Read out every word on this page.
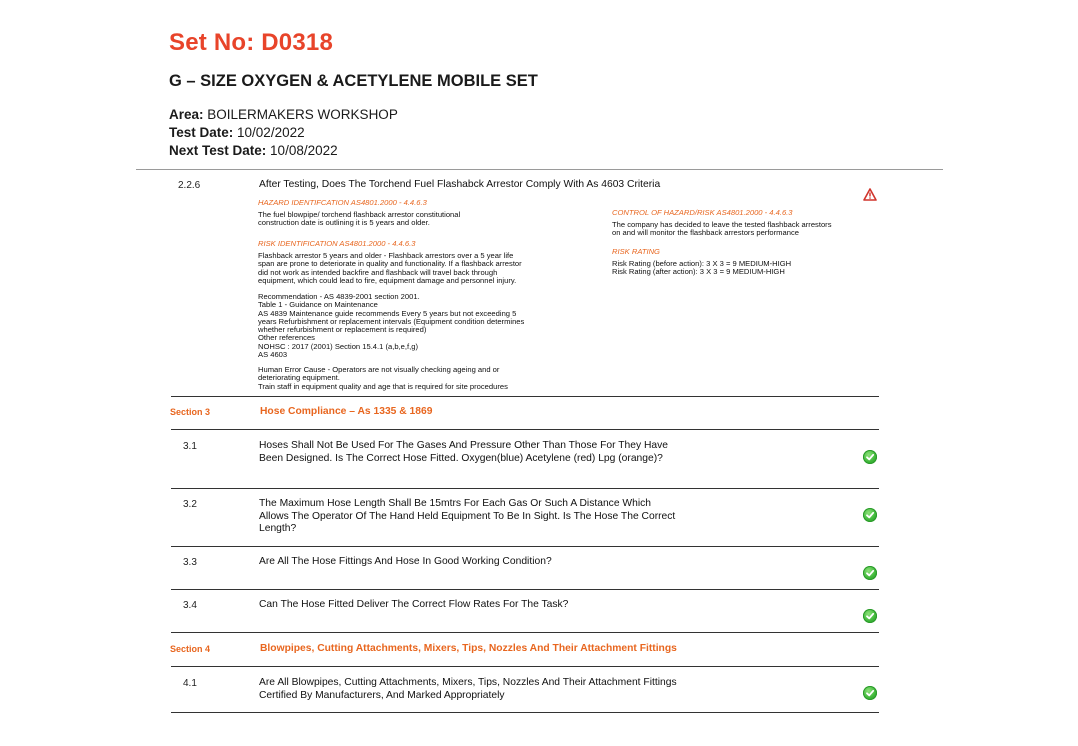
Set No: D0318
G – SIZE OXYGEN & ACETYLENE MOBILE SET
Area: BOILERMAKERS WORKSHOP
Test Date: 10/02/2022
Next Test Date: 10/08/2022
2.2.6	After Testing, Does The Torchend Fuel Flashabck Arrestor Comply With As 4603 Criteria
HAZARD IDENTIFCATION AS4801.2000 - 4.4.6.3
The fuel blowpipe/ torchend flashback arrestor constitutional
construction date is outlining it is 5 years and older.
RISK IDENTIFICATION AS4801.2000 - 4.4.6.3
Flashback arrestor 5 years and older - Flashback arrestors over a 5 year life
span are prone to deteriorate in quality and functionality. If a flashback arrestor
did not work as intended backfire and flashback will travel back through
equipment, which could lead to fire, equipment damage and personnel injury.
Recommendation - AS 4839-2001 section 2001.
Table 1 - Guidance on Maintenance
AS 4839 Maintenance guide recommends Every 5 years but not exceeding 5
years Refurbishment or replacement intervals (Equipment condition determines
whether refurbishment or replacement is required)
Other references
NOHSC : 2017 (2001) Section 15.4.1 (a,b,e,f,g)
AS 4603
Human Error Cause - Operators are not visually checking ageing and or
deteriorating equipment.
Train staff in equipment quality and age that is required for site procedures
CONTROL OF HAZARD/RISK AS4801.2000 - 4.4.6.3
The company has decided to leave the tested flashback arrestors
on and will monitor the flashback arrestors performance
RISK RATING
Risk Rating (before action): 3 X 3 = 9 MEDIUM-HIGH
Risk Rating (after action): 3 X 3 = 9 MEDIUM-HIGH
Section 3	Hose Compliance – As 1335 & 1869
3.1	Hoses Shall Not Be Used For The Gases And Pressure Other Than Those For They Have
Been Designed. Is The Correct Hose Fitted. Oxygen(blue) Acetylene (red) Lpg (orange)?
3.2	The Maximum Hose Length Shall Be 15mtrs For Each Gas Or Such A Distance Which
Allows The Operator Of The Hand Held Equipment To Be In Sight. Is The Hose The Correct
Length?
3.3	Are All The Hose Fittings And Hose In Good Working Condition?
3.4	Can The Hose Fitted Deliver The Correct Flow Rates For The Task?
Section 4	Blowpipes, Cutting Attachments, Mixers, Tips, Nozzles And Their Attachment Fittings
4.1	Are All Blowpipes, Cutting Attachments, Mixers, Tips, Nozzles And Their Attachment Fittings
Certified By Manufacturers, And Marked Appropriately
